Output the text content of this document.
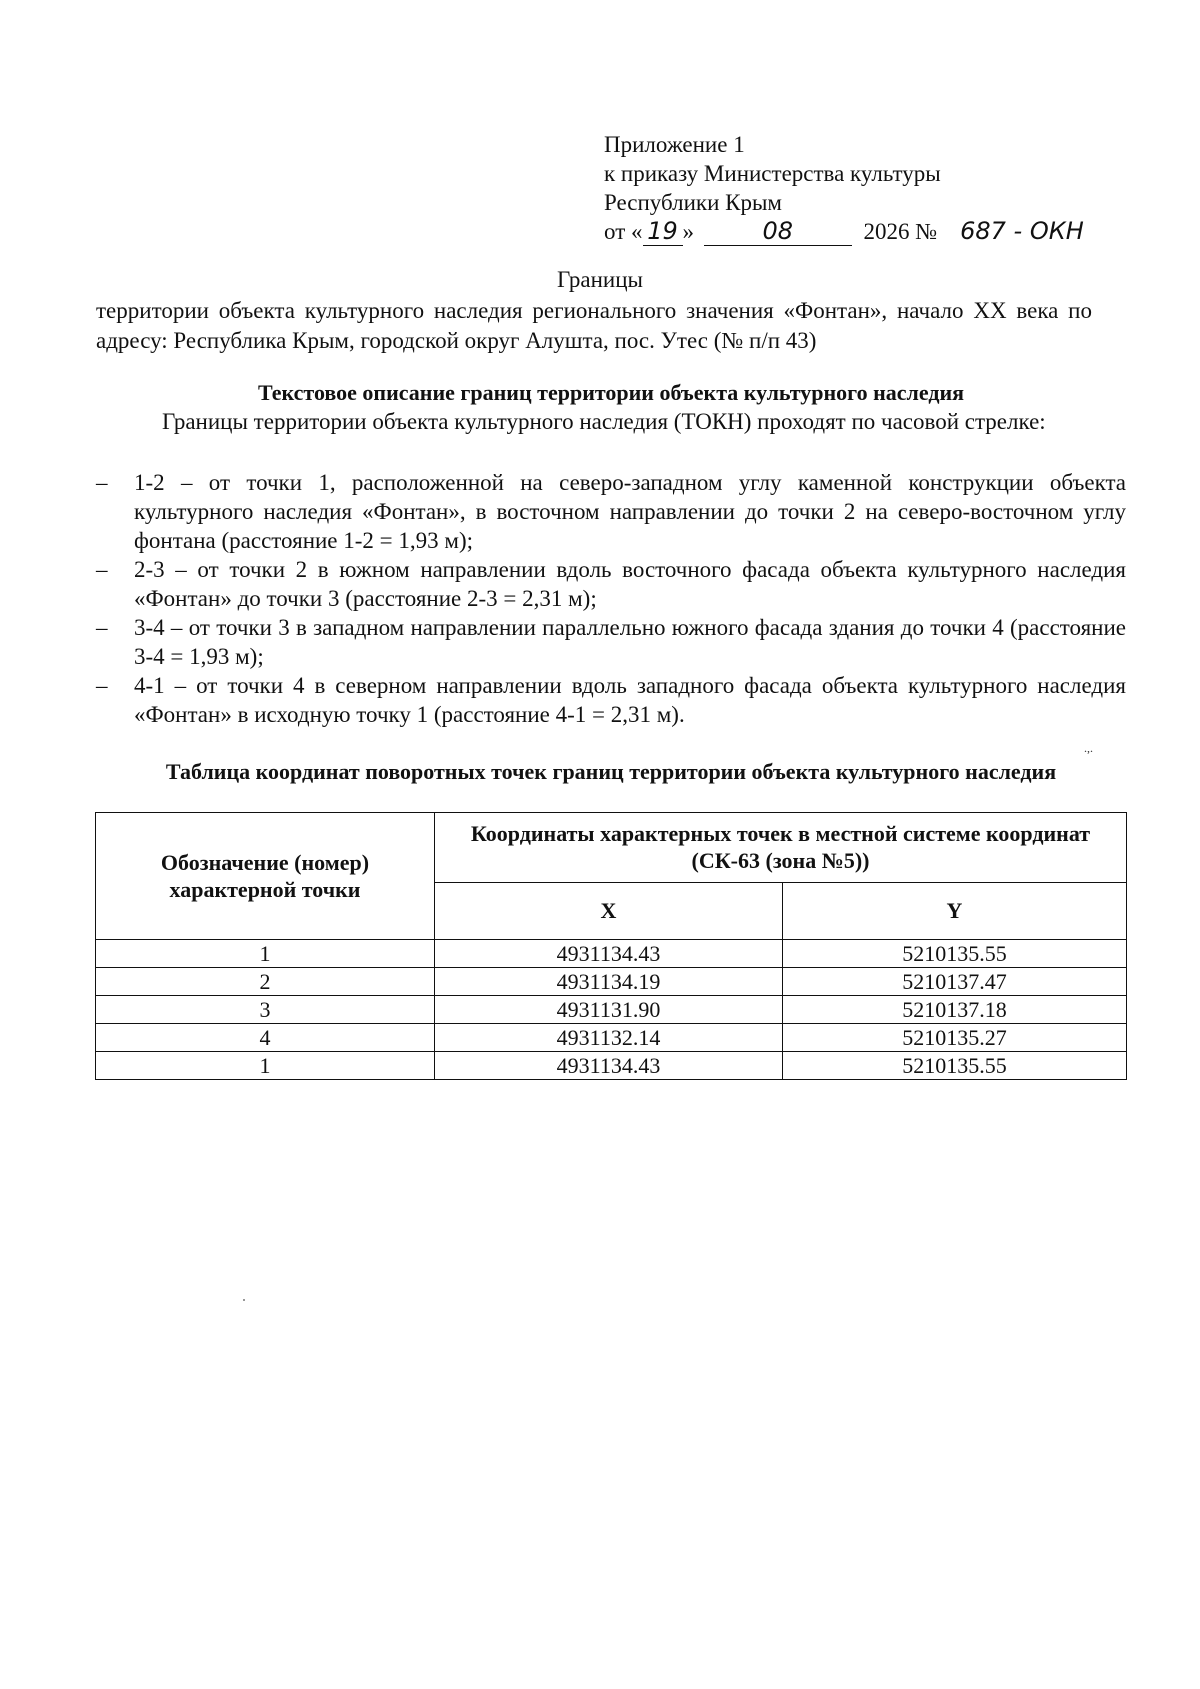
Приложение 1
к приказу Министерства культуры
Республики Крым
от « 19 »	08	2026 № 687 - ОКН
Границы
территории объекта культурного наследия регионального значения «Фонтан», начало XX века по адресу: Республика Крым, городской округ Алушта, пос. Утес (№ п/п 43)
Текстовое описание границ территории объекта культурного наследия
Границы территории объекта культурного наследия (ТОКН) проходят по часовой стрелке:
– 1-2 – от точки 1, расположенной на северо-западном углу каменной конструкции объекта культурного наследия «Фонтан», в восточном направлении до точки 2 на северо-восточном углу фонтана (расстояние 1-2 = 1,93 м);
– 2-3 – от точки 2 в южном направлении вдоль восточного фасада объекта культурного наследия «Фонтан» до точки 3 (расстояние 2-3 = 2,31 м);
– 3-4 – от точки 3 в западном направлении параллельно южного фасада здания до точки 4 (расстояние 3-4 = 1,93 м);
– 4-1 – от точки 4 в северном направлении вдоль западного фасада объекта культурного наследия «Фонтан» в исходную точку 1 (расстояние 4-1 = 2,31 м).
.,.
Таблица координат поворотных точек границ территории объекта культурного наследия
Обозначение (номер) характерной точки	Координаты характерных точек в местной системе координат (СК-63 (зона №5))	
	X	Y
1	4931134.43	5210135.55
2	4931134.19	5210137.47
3	4931131.90	5210137.18
4	4931132.14	5210135.27
1	4931134.43	5210135.55
